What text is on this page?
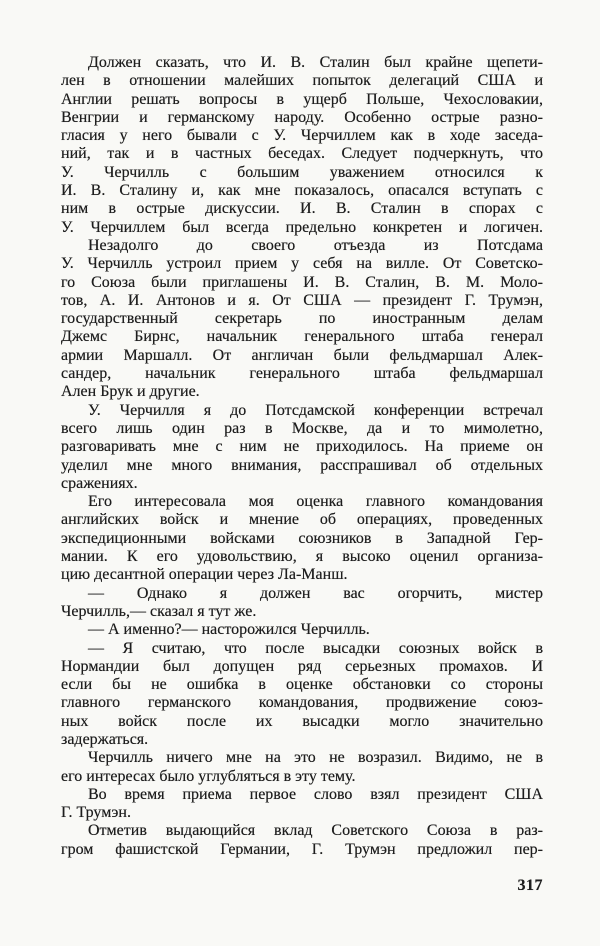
Должен сказать, что И. В. Сталин был крайне щепети-
лен в отношении малейших попыток делегаций США и
Англии решать вопросы в ущерб Польше, Чехословакии,
Венгрии и германскому народу. Особенно острые разно-
гласия у него бывали с У. Черчиллем как в ходе заседа-
ний, так и в частных беседах. Следует подчеркнуть, что
У. Черчилль с большим уважением относился к
И. В. Сталину и, как мне показалось, опасался вступать с
ним в острые дискуссии. И. В. Сталин в спорах с
У. Черчиллем был всегда предельно конкретен и логичен.
Незадолго до своего отъезда из Потсдама
У. Черчилль устроил прием у себя на вилле. От Советско-
го Союза были приглашены И. В. Сталин, В. М. Моло-
тов, А. И. Антонов и я. От США — президент Г. Трумэн,
государственный секретарь по иностранным делам
Джемс Бирнс, начальник генерального штаба генерал
армии Маршалл. От англичан были фельдмаршал Алек-
сандер, начальник генерального штаба фельдмаршал
Ален Брук и другие.
У. Черчилля я до Потсдамской конференции встречал
всего лишь один раз в Москве, да и то мимолетно,
разговаривать мне с ним не приходилось. На приеме он
уделил мне много внимания, расспрашивал об отдельных
сражениях.
Его интересовала моя оценка главного командования
английских войск и мнение об операциях, проведенных
экспедиционными войсками союзников в Западной Гер-
мании. К его удовольствию, я высоко оценил организа-
цию десантной операции через Ла-Манш.
— Однако я должен вас огорчить, мистер
Черчилль,— сказал я тут же.
— А именно?— насторожился Черчилль.
— Я считаю, что после высадки союзных войск в
Нормандии был допущен ряд серьезных промахов. И
если бы не ошибка в оценке обстановки со стороны
главного германского командования, продвижение союз-
ных войск после их высадки могло значительно
задержаться.
Черчилль ничего мне на это не возразил. Видимо, не в
его интересах было углубляться в эту тему.
Во время приема первое слово взял президент США
Г. Трумэн.
Отметив выдающийся вклад Советского Союза в раз-
гром фашистской Германии, Г. Трумэн предложил пер-
317
